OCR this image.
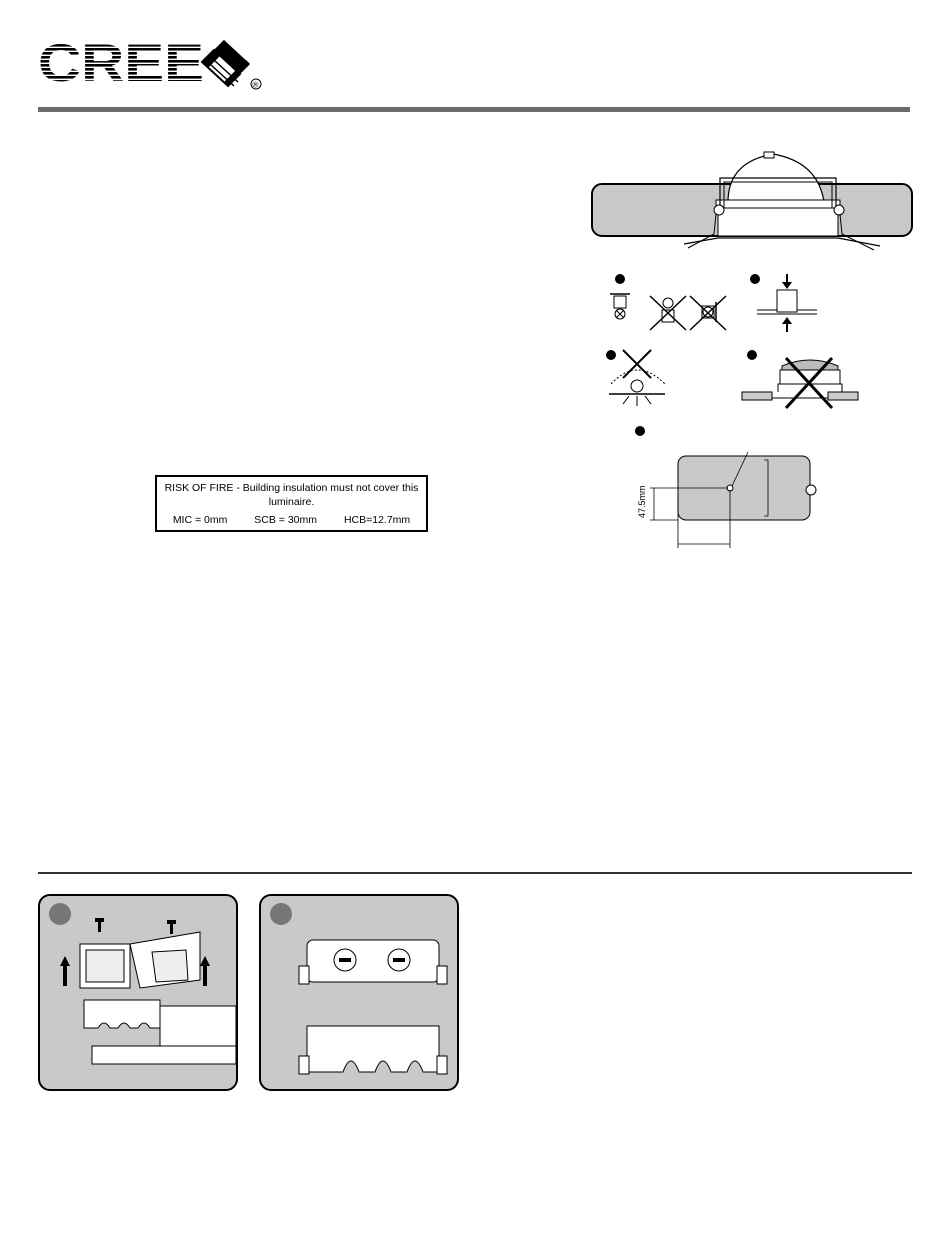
CREE	®
47.5mm
RISK OF FIRE - Building insulation must not cover this luminaire.
MIC = 0mm	SCB = 30mm	HCB=12.7mm
